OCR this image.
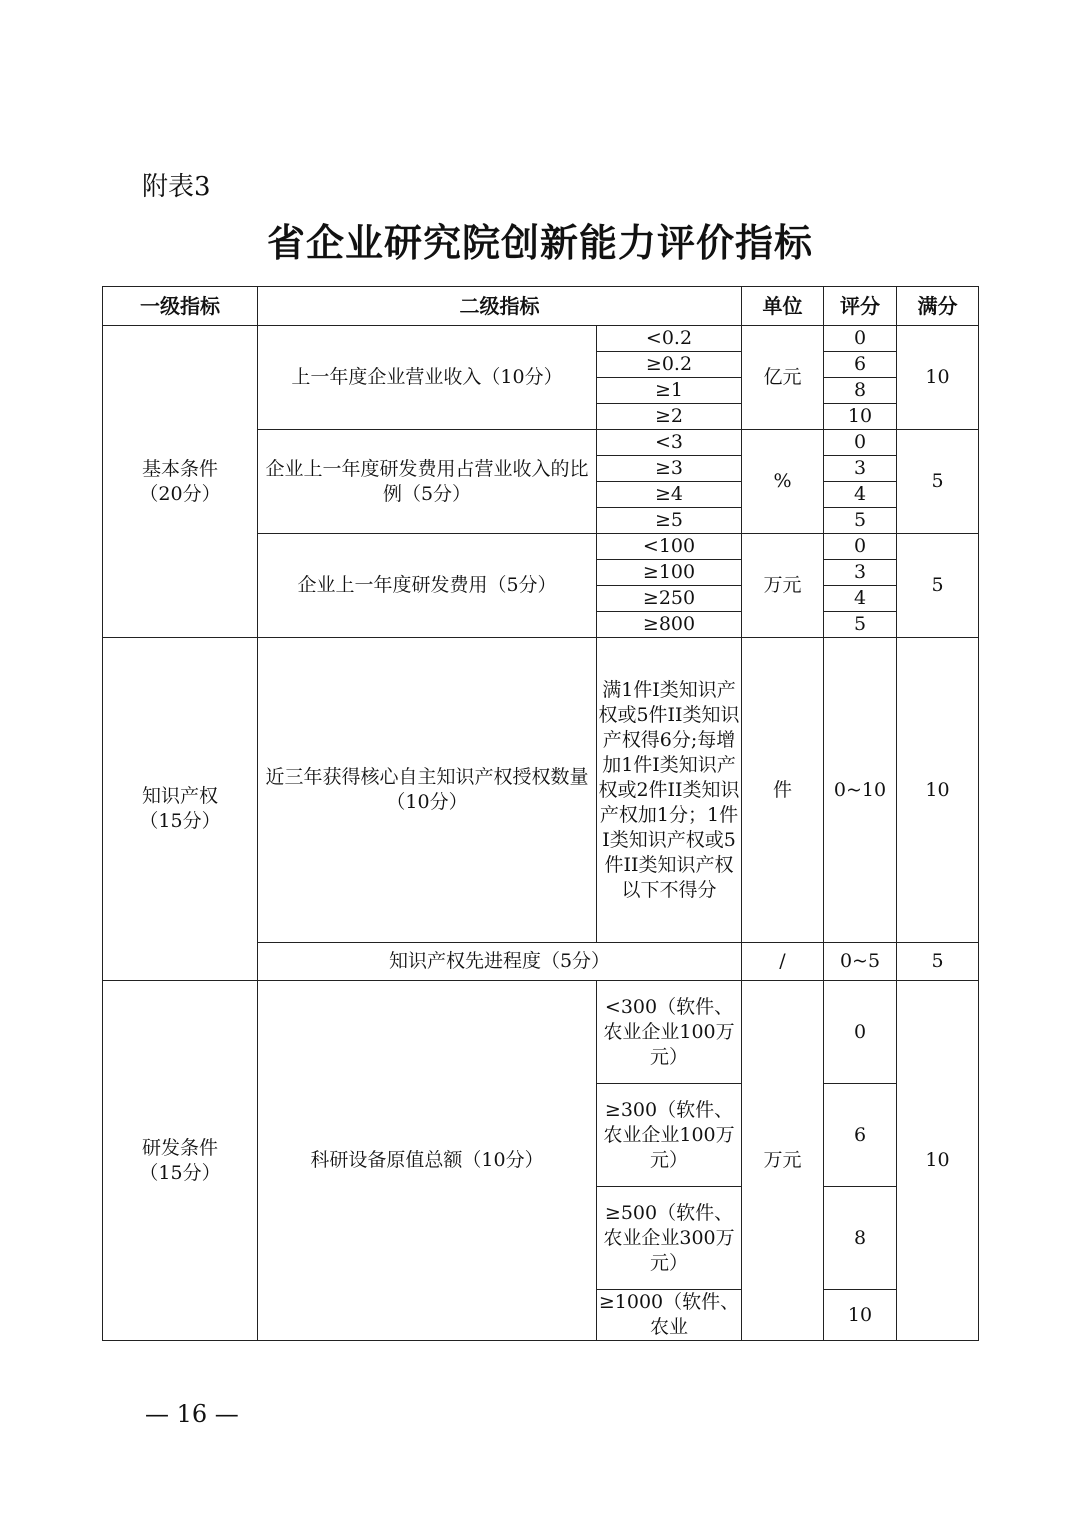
附表3
省企业研究院创新能力评价指标
一级指标	二级指标		单位	评分	满分
基本条件
（20分）	上一年度企业营业收入（10分）	<0.2	亿元	0	10
		≥0.2		6	
		≥1		8	
		≥2		10	
	企业上一年度研发费用占营业收入的比例（5分）	<3	%	0	5
		≥3		3	
		≥4		4	
		≥5		5	
	企业上一年度研发费用（5分）	<100	万元	0	5
		≥100		3	
		≥250		4	
		≥800		5	
知识产权
（15分）	近三年获得核心自主知识产权授权数量（10分）	满1件I类知识产权或5件II类知识产权得6分;每增加1件I类知识产权或2件II类知识产权加1分；1件I类知识产权或5件II类知识产权以下不得分	件	0~10	10
	知识产权先进程度（5分）		/	0~5	5
研发条件
（15分）	科研设备原值总额（10分）	<300（软件、农业企业100万元）	万元	0	10
		≥300（软件、农业企业100万元）		6	
		≥500（软件、农业企业300万元）		8	
		≥1000（软件、农业		10	
— 16 —
